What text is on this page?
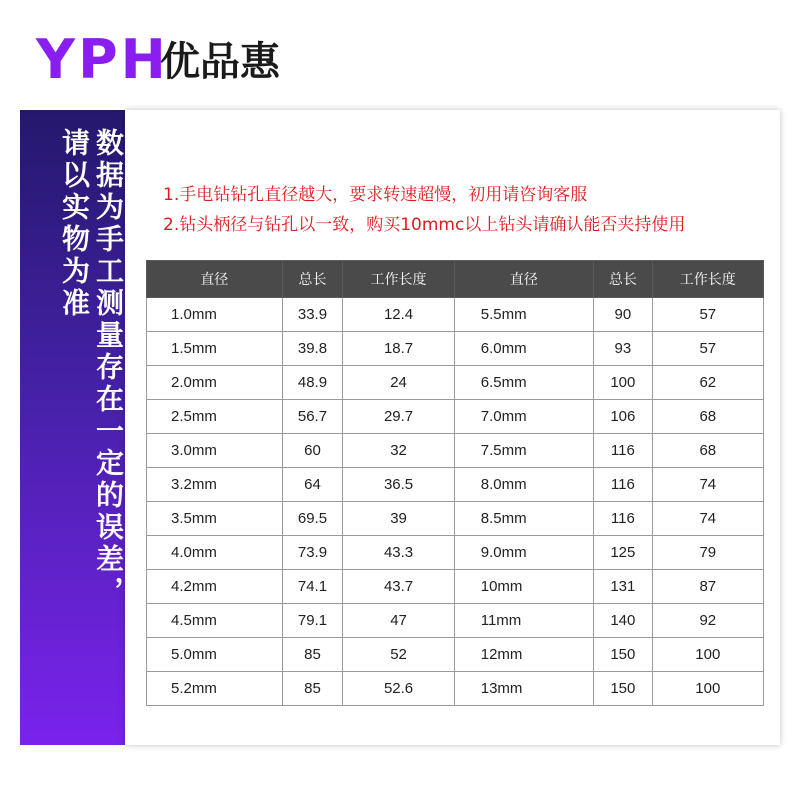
YPH
优品惠
数据为手工测量存在一定的误差，
请以实物为准	1.手电钻钻孔直径越大，要求转速超慢，初用请咨询客服
2.钻头柄径与钻孔以一致，购买10mmc以上钻头请确认能否夹持使用
直径	总长	工作长度	直径	总长	工作长度
1.0mm	33.9	12.4	5.5mm	90	57
1.5mm	39.8	18.7	6.0mm	93	57
2.0mm	48.9	24	6.5mm	100	62
2.5mm	56.7	29.7	7.0mm	106	68
3.0mm	60	32	7.5mm	116	68
3.2mm	64	36.5	8.0mm	116	74
3.5mm	69.5	39	8.5mm	116	74
4.0mm	73.9	43.3	9.0mm	125	79
4.2mm	74.1	43.7	10mm	131	87
4.5mm	79.1	47	11mm	140	92
5.0mm	85	52	12mm	150	100
5.2mm	85	52.6	13mm	150	100
